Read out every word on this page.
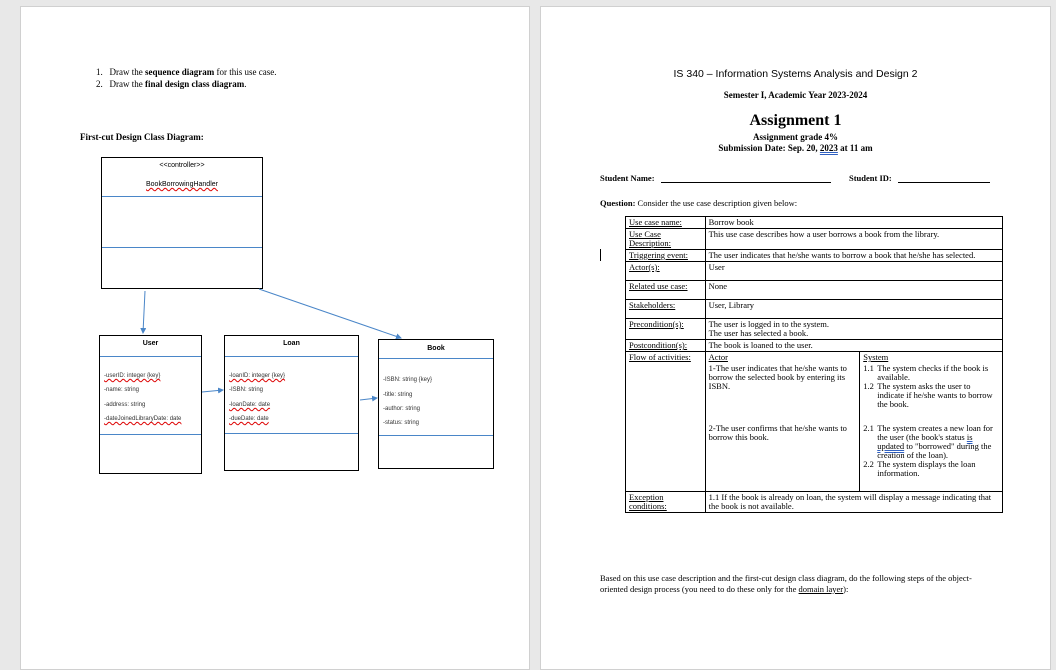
1. Draw the sequence diagram for this use case.
2. Draw the final design class diagram.
First-cut Design Class Diagram:
<<controller>>
BookBorrowingHandler
User
-userID: integer {key}
-name: string
-address: string
-dateJoinedLibraryDate: date
Loan
-loanID: integer {key}
-ISBN: string
-loanDate: date
-dueDate: date
Book
-ISBN: string {key}
-title: string
-author: string
-status: string
IS 340 – Information Systems Analysis and Design 2
Semester I, Academic Year 2023-2024
Assignment 1
Assignment grade 4%
Submission Date: Sep. 20, 2023 at 11 am
Student Name:	Student ID:
Question: Consider the use case description given below:
Use case name:	Borrow book	
Use Case Description:	This use case describes how a user borrows a book from the library.	
Triggering event:	The user indicates that he/she wants to borrow a book that he/she has selected.	
Actor(s):	User	
Related use case:	None	
Stakeholders:	User, Library	
Precondition(s):	The user is logged in to the system.
The user has selected a book.	

Postcondition(s):	The book is loaned to the user.	
Flow of activities:	Actor	System
	1-The user indicates that he/she wants to borrow the selected book by entering its ISBN.	1.1 The system checks if the book is available.
1.2 The system asks the user to indicate if he/she wants to borrow the book.

	2-The user confirms that he/she wants to borrow this book.	2.1 The system creates a new loan for the user (the book's status is updated to "borrowed" during the creation of the loan).
2.2 The system displays the loan information.

Exception conditions:	1.1 If the book is already on loan, the system will display a message indicating that the book is not available.	
Based on this use case description and the first-cut design class diagram, do the following steps of the object-oriented design process (you need to do these only for the domain layer):
